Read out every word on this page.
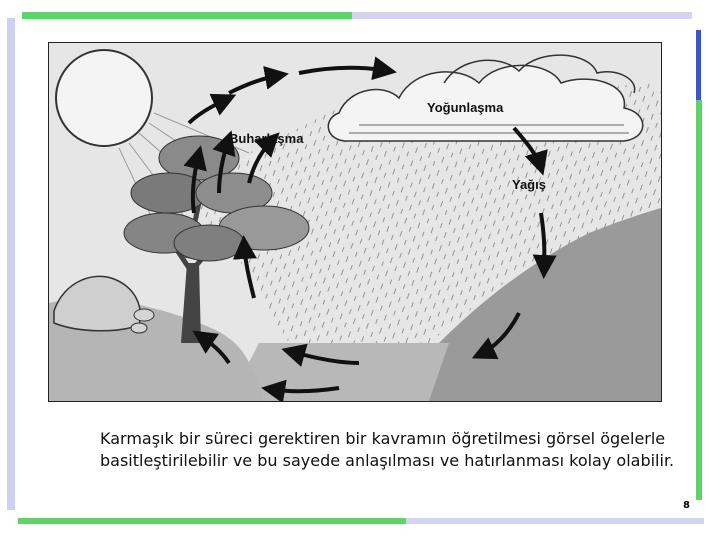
Buharlaşma
Yoğunlaşma
Yağış
Karmaşık bir süreci gerektiren bir kavramın öğretilmesi görsel ögelerle basitleştirilebilir ve bu sayede anlaşılması ve hatırlanması kolay olabilir.
8
